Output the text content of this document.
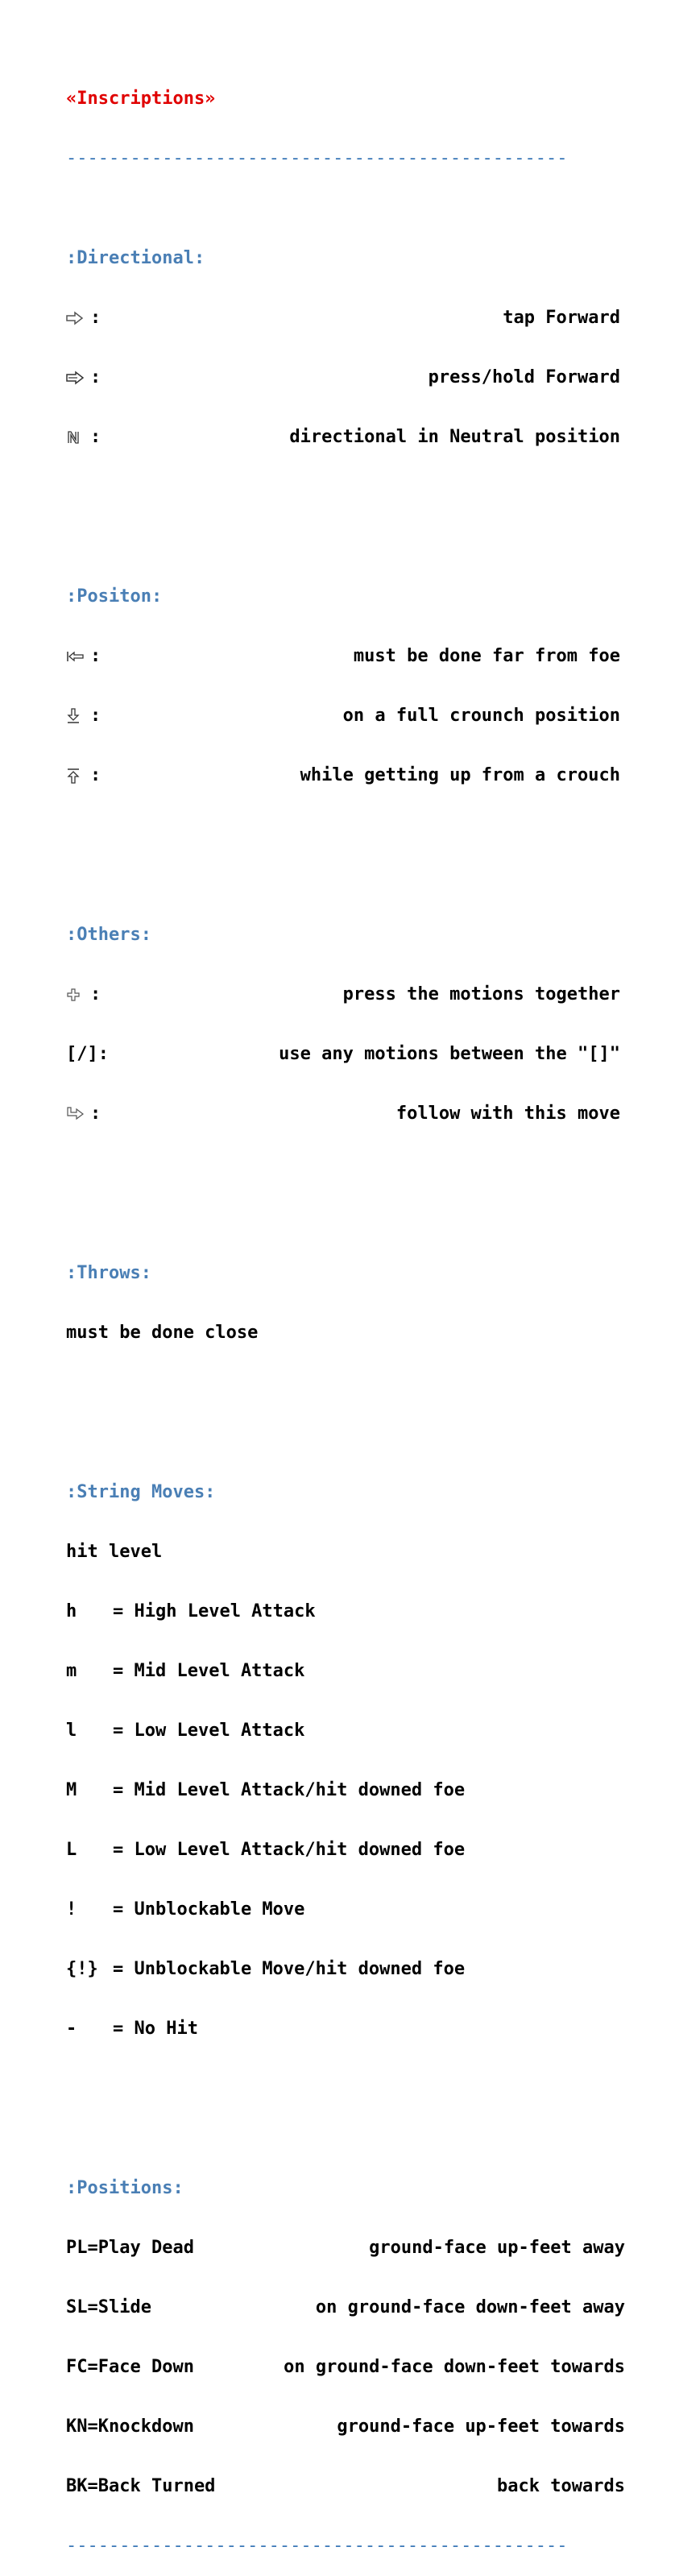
«Inscriptions»

-----------------------------------------------

:Directional:

:	tap Forward

:	press/hold Forward

:	directional in Neutral position

:Positon:

:	must be done far from foe

:	on a full crounch position

:	while getting up from a crouch

:Others:

:	press the motions together

[/]:	use any motions between the "[]"

:	follow with this move

:Throws:

must be done close

:String Moves:

hit level

h	= High Level Attack

m	= Mid Level Attack

l	= Low Level Attack

M	= Mid Level Attack/hit downed foe

L	= Low Level Attack/hit downed foe

!	= Unblockable Move

{!} = Unblockable Move/hit downed foe

-	= No Hit

:Positions:

PL=Play Dead	ground-face up-feet away

SL=Slide	on ground-face down-feet away

FC=Face Down	on ground-face down-feet towards

KN=Knockdown	ground-face up-feet towards

BK=Back Turned	back towards

-----------------------------------------------
